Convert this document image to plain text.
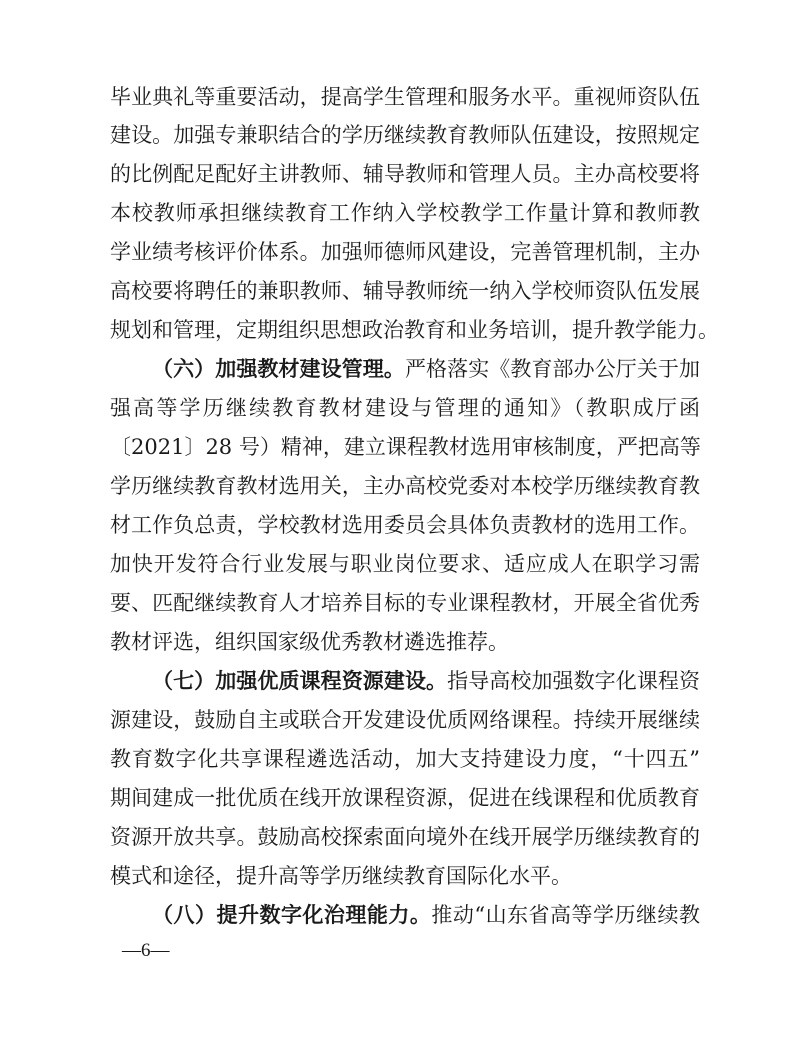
毕业典礼等重要活动，提高学生管理和服务水平。重视师资队伍
建设。加强专兼职结合的学历继续教育教师队伍建设，按照规定
的比例配足配好主讲教师、辅导教师和管理人员。主办高校要将
本校教师承担继续教育工作纳入学校教学工作量计算和教师教
学业绩考核评价体系。加强师德师风建设，完善管理机制，主办
高校要将聘任的兼职教师、辅导教师统一纳入学校师资队伍发展
规划和管理，定期组织思想政治教育和业务培训，提升教学能力。
（六）加强教材建设管理。严格落实《教育部办公厅关于加
强高等学历继续教育教材建设与管理的通知》（教职成厅函
〔2021〕28 号）精神，建立课程教材选用审核制度，严把高等
学历继续教育教材选用关，主办高校党委对本校学历继续教育教
材工作负总责，学校教材选用委员会具体负责教材的选用工作。
加快开发符合行业发展与职业岗位要求、适应成人在职学习需
要、匹配继续教育人才培养目标的专业课程教材，开展全省优秀
教材评选，组织国家级优秀教材遴选推荐。
（七）加强优质课程资源建设。指导高校加强数字化课程资
源建设，鼓励自主或联合开发建设优质网络课程。持续开展继续
教育数字化共享课程遴选活动，加大支持建设力度，“十四五”
期间建成一批优质在线开放课程资源，促进在线课程和优质教育
资源开放共享。鼓励高校探索面向境外在线开展学历继续教育的
模式和途径，提升高等学历继续教育国际化水平。
（八）提升数字化治理能力。推动“山东省高等学历继续教
—6—
